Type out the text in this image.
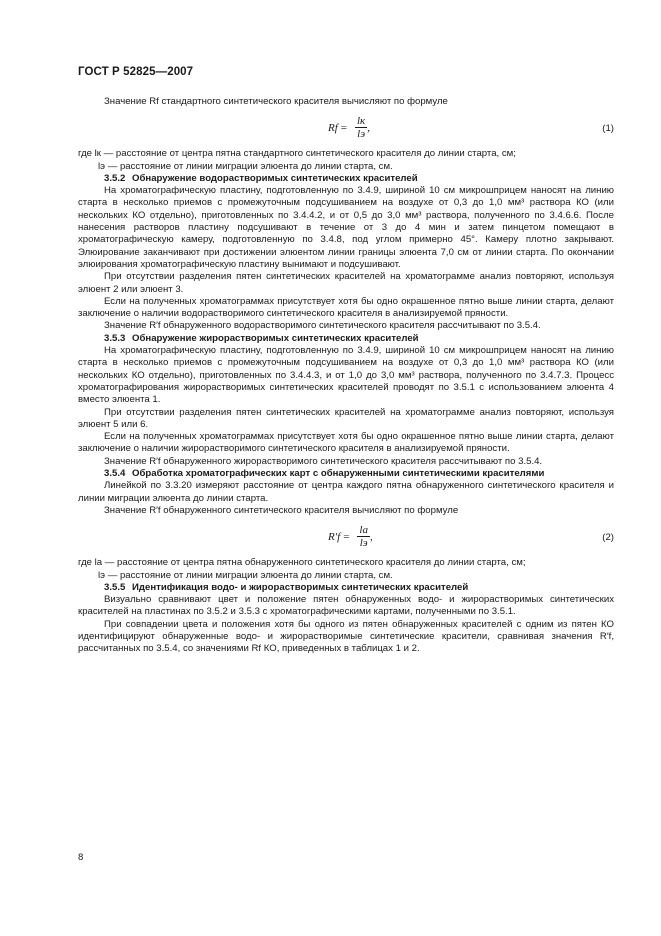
ГОСТ Р 52825—2007

Значение Rf стандартного синтетического красителя вычисляют по формуле

$Rf = \frac{lк}{lэ}$ ,	(1)

где lк — расстояние от центра пятна стандартного синтетического красителя до линии старта, см;

lэ — расстояние от линии миграции элюента до линии старта, см.

3.5.2 Обнаружение водорастворимых синтетических красителей

На хроматографическую пластину, подготовленную по 3.4.9, шириной 10 см микрошприцем наносят на линию старта в несколько приемов с промежуточным подсушиванием на воздухе от 0,3 до 1,0 мм³ раствора КО (или нескольких КО отдельно), приготовленных по 3.4.4.2, и от 0,5 до 3,0 мм³ раствора, полученного по 3.4.6.6. После нанесения растворов пластину подсушивают в течение от 3 до 4 мин и затем пинцетом помещают в хроматографическую камеру, подготовленную по 3.4.8, под углом примерно 45°. Камеру плотно закрывают. Элюирование заканчивают при достижении элюентом линии границы элюента 7,0 см от линии старта. По окончании элюирования хроматографическую пластину вынимают и подсушивают.

При отсутствии разделения пятен синтетических красителей на хроматограмме анализ повторяют, используя элюент 2 или элюент 3.

Если на полученных хроматограммах присутствует хотя бы одно окрашенное пятно выше линии старта, делают заключение о наличии водорастворимого синтетического красителя в анализируемой пряности.

Значение R′f обнаруженного водорастворимого синтетического красителя рассчитывают по 3.5.4.

3.5.3 Обнаружение жирорастворимых синтетических красителей

На хроматографическую пластину, подготовленную по 3.4.9, шириной 10 см микрошприцем наносят на линию старта в несколько приемов с промежуточным подсушиванием на воздухе от 0,3 до 1,0 мм³ раствора КО (или нескольких КО отдельно), приготовленных по 3.4.4.3, и от 1,0 до 3,0 мм³ раствора, полученного по 3.4.7.3. Процесс хроматографирования жирорастворимых синтетических красителей проводят по 3.5.1 с использованием элюента 4 вместо элюента 1.

При отсутствии разделения пятен синтетических красителей на хроматограмме анализ повторяют, используя элюент 5 или 6.

Если на полученных хроматограммах присутствует хотя бы одно окрашенное пятно выше линии старта, делают заключение о наличии жирорастворимого синтетического красителя в анализируемой пряности.

Значение R′f обнаруженного жирорастворимого синтетического красителя рассчитывают по 3.5.4.

3.5.4 Обработка хроматографических карт с обнаруженными синтетическими красителями

Линейкой по 3.3.20 измеряют расстояние от центра каждого пятна обнаруженного синтетического красителя и линии миграции элюента до линии старта.

Значение R′f обнаруженного синтетического красителя вычисляют по формуле

$R'f = \frac{lа}{lэ}$ ,	(2)

где lа — расстояние от центра пятна обнаруженного синтетического красителя до линии старта, см;

lэ — расстояние от линии миграции элюента до линии старта, см.

3.5.5 Идентификация водо- и жирорастворимых синтетических красителей

Визуально сравнивают цвет и положение пятен обнаруженных водо- и жирорастворимых синтетических красителей на пластинах по 3.5.2 и 3.5.3 с хроматографическими картами, полученными по 3.5.1.

При совпадении цвета и положения хотя бы одного из пятен обнаруженных красителей с одним из пятен КО идентифицируют обнаруженные водо- и жирорастворимые синтетические красители, сравнивая значения R′f, рассчитанных по 3.5.4, со значениями Rf КО, приведенных в таблицах 1 и 2.

8
